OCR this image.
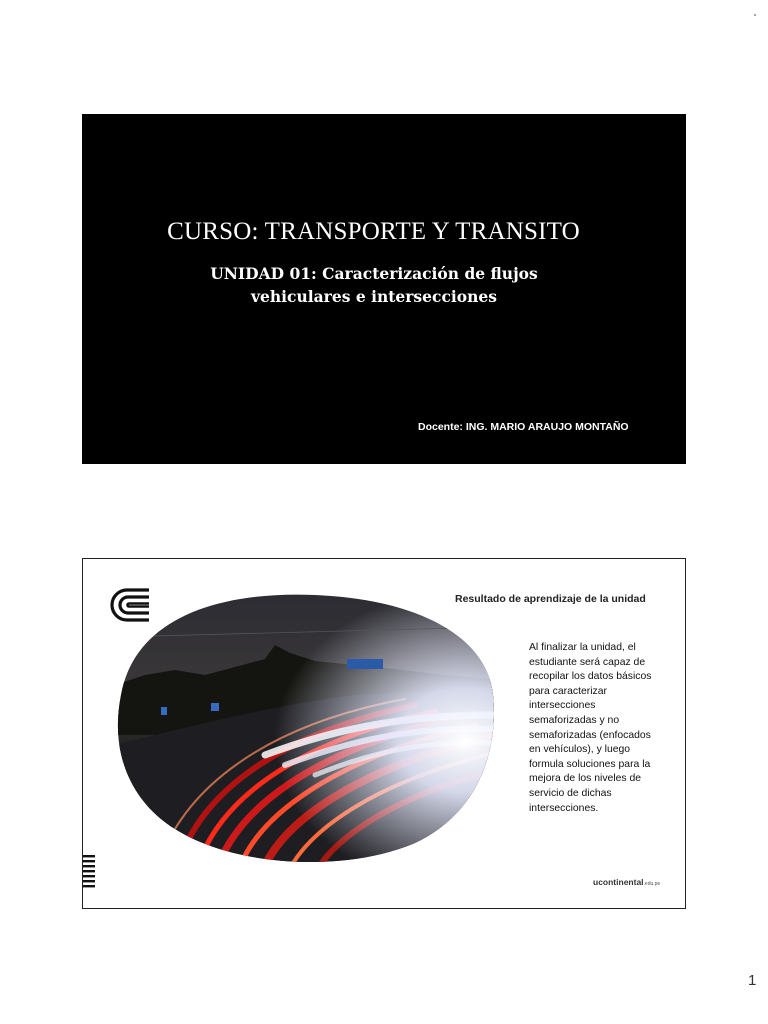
CURSO: TRANSPORTE Y TRANSITO
UNIDAD 01: Caracterización de flujos
vehiculares e intersecciones
Docente: ING. MARIO ARAUJO MONTAÑO
Resultado de aprendizaje de la unidad
Al finalizar la unidad, el
estudiante será capaz de
recopilar los datos básicos
para caracterizar
intersecciones
semaforizadas y no
semaforizadas (enfocados
en vehículos), y luego
formula soluciones para la
mejora de los niveles de
servicio de dichas
intersecciones.
ucontinental.edu.pe
1
